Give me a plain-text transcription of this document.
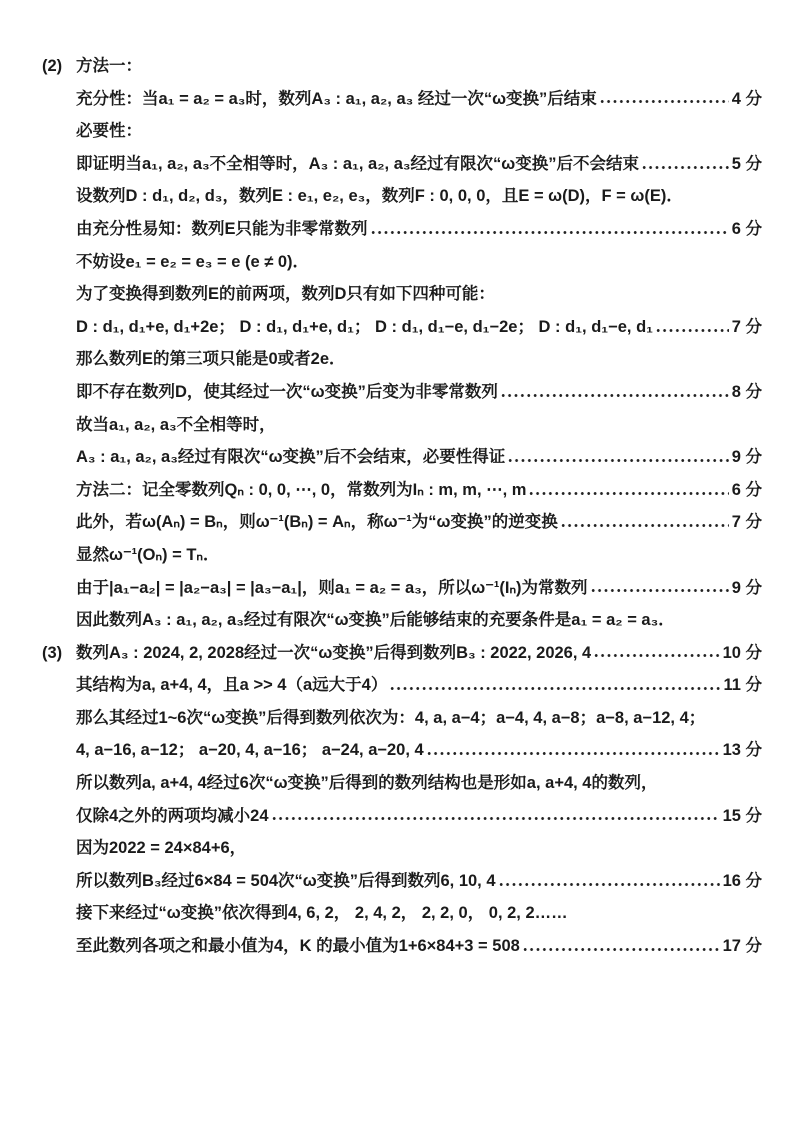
(2) 方法一：
充分性：当a₁ = a₂ = a₃时，数列A₃ : a₁, a₂, a₃ 经过一次“ω变换”后结束	4 分
必要性：
即证明当a₁, a₂, a₃不全相等时，A₃ : a₁, a₂, a₃经过有限次“ω变换”后不会结束	5 分
设数列D : d₁, d₂, d₃，数列E : e₁, e₂, e₃，数列F : 0, 0, 0，且E = ω(D)，F = ω(E)．
由充分性易知：数列E只能为非零常数列	6 分
不妨设e₁ = e₂ = e₃ = e (e ≠ 0)．
为了变换得到数列E的前两项，数列D只有如下四种可能：
D : d₁, d₁+e, d₁+2e； D : d₁, d₁+e, d₁； D : d₁, d₁−e, d₁−2e； D : d₁, d₁−e, d₁	7 分
那么数列E的第三项只能是0或者2e．
即不存在数列D，使其经过一次“ω变换”后变为非零常数列	8 分
故当a₁, a₂, a₃不全相等时，
A₃ : a₁, a₂, a₃经过有限次“ω变换”后不会结束，必要性得证	9 分
方法二：记全零数列Qₙ : 0, 0, ⋯, 0，常数列为Iₙ : m, m, ⋯, m	6 分
此外，若ω(Aₙ) = Bₙ，则ω⁻¹(Bₙ) = Aₙ，称ω⁻¹为“ω变换”的逆变换	7 分
显然ω⁻¹(Oₙ) = Tₙ．
由于|a₁−a₂| = |a₂−a₃| = |a₃−a₁|，则a₁ = a₂ = a₃，所以ω⁻¹(Iₙ)为常数列	9 分
因此数列A₃ : a₁, a₂, a₃经过有限次“ω变换”后能够结束的充要条件是a₁ = a₂ = a₃．
(3) 数列A₃ : 2024, 2, 2028经过一次“ω变换”后得到数列B₃ : 2022, 2026, 4	10 分
其结构为a, a+4, 4，且a >> 4（a远大于4）	11 分
那么其经过1~6次“ω变换”后得到数列依次为：4, a, a−4；a−4, 4, a−8；a−8, a−12, 4；
4, a−16, a−12； a−20, 4, a−16； a−24, a−20, 4	13 分
所以数列a, a+4, 4经过6次“ω变换”后得到的数列结构也是形如a, a+4, 4的数列，
仅除4之外的两项均减小24	15 分
因为2022 = 24×84+6，
所以数列B₃经过6×84 = 504次“ω变换”后得到数列6, 10, 4	16 分
接下来经过“ω变换”依次得到4, 6, 2， 2, 4, 2， 2, 2, 0， 0, 2, 2……
至此数列各项之和最小值为4，K 的最小值为1+6×84+3 = 508	17 分
